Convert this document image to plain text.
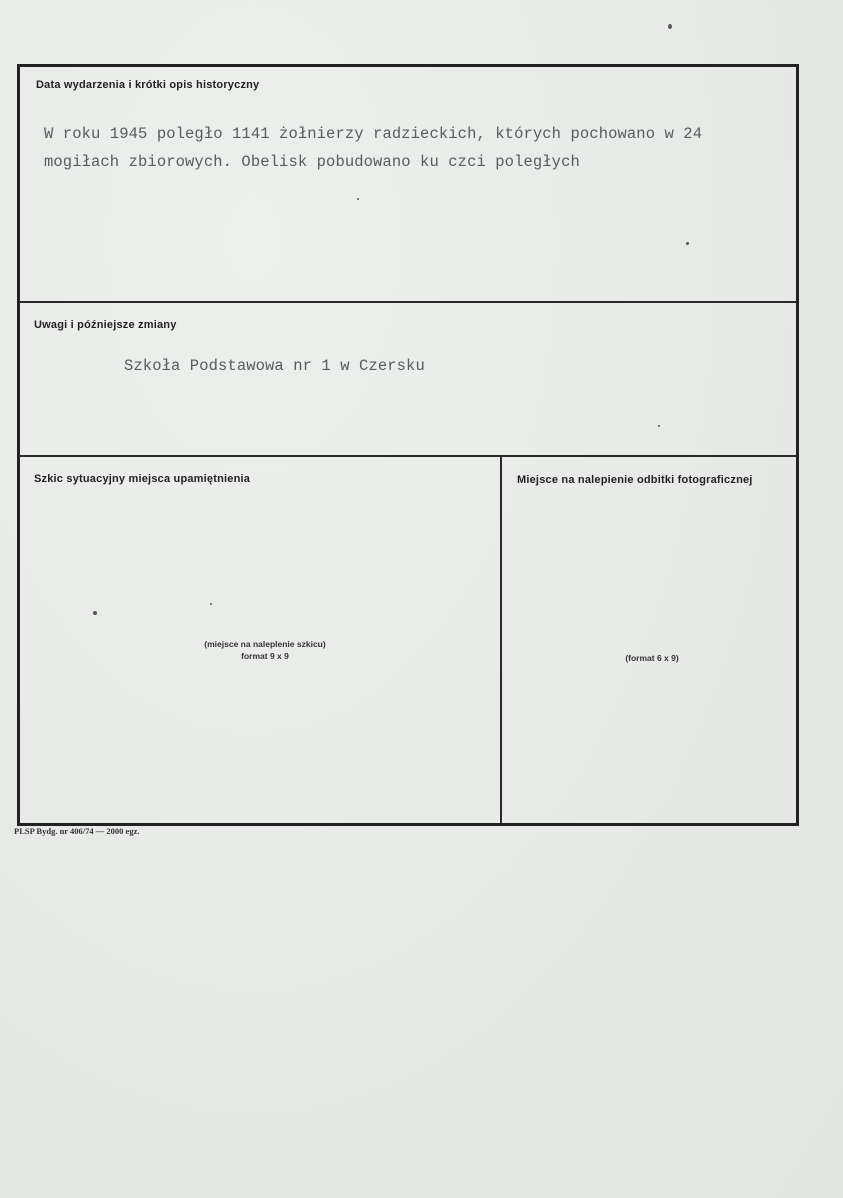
Data wydarzenia i krótki opis historyczny
W roku 1945 poległo 1141 żołnierzy radzieckich, których pochowano w 24
mogiłach zbiorowych. Obelisk pobudowano ku czci poległych
Uwagi i późniejsze zmiany
Szkoła Podstawowa nr 1 w Czersku
Szkic sytuacyjny miejsca upamiętnienia
(miejsce na naleplenie szkicu)
format 9 x 9
Miejsce na nalepienie odbitki fotograficznej
(format 6 x 9)
PLSP Bydg. nr 406/74 — 2000 egz.
